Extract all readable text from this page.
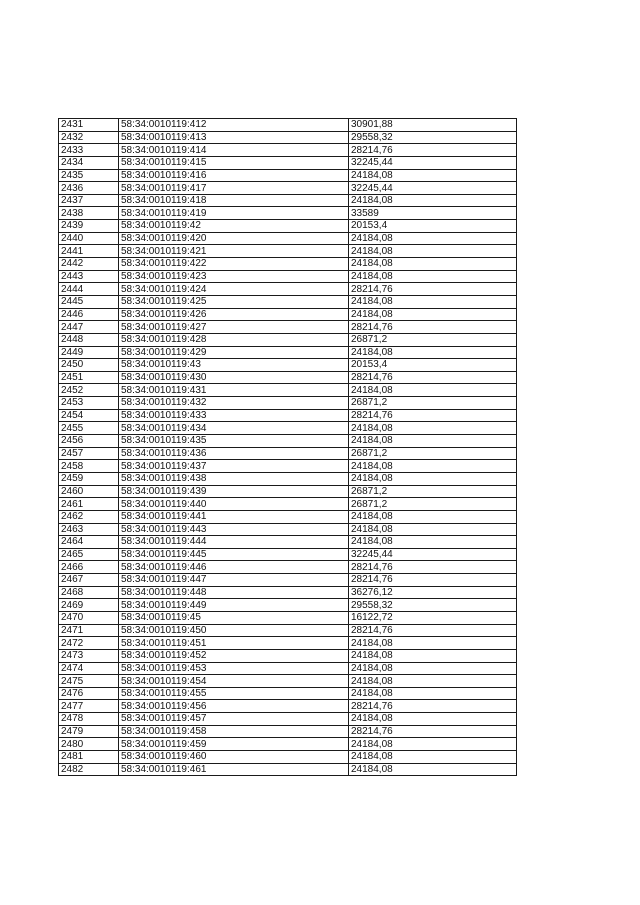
2431	58:34:0010119:412	30901,88
2432	58:34:0010119:413	29558,32
2433	58:34:0010119:414	28214,76
2434	58:34:0010119:415	32245,44
2435	58:34:0010119:416	24184,08
2436	58:34:0010119:417	32245,44
2437	58:34:0010119:418	24184,08
2438	58:34:0010119:419	33589
2439	58:34:0010119:42	20153,4
2440	58:34:0010119:420	24184,08
2441	58:34:0010119:421	24184,08
2442	58:34:0010119:422	24184,08
2443	58:34:0010119:423	24184,08
2444	58:34:0010119:424	28214,76
2445	58:34:0010119:425	24184,08
2446	58:34:0010119:426	24184,08
2447	58:34:0010119:427	28214,76
2448	58:34:0010119:428	26871,2
2449	58:34:0010119:429	24184,08
2450	58:34:0010119:43	20153,4
2451	58:34:0010119:430	28214,76
2452	58:34:0010119:431	24184,08
2453	58:34:0010119:432	26871,2
2454	58:34:0010119:433	28214,76
2455	58:34:0010119:434	24184,08
2456	58:34:0010119:435	24184,08
2457	58:34:0010119:436	26871,2
2458	58:34:0010119:437	24184,08
2459	58:34:0010119:438	24184,08
2460	58:34:0010119:439	26871,2
2461	58:34:0010119:440	26871,2
2462	58:34:0010119:441	24184,08
2463	58:34:0010119:443	24184,08
2464	58:34:0010119:444	24184,08
2465	58:34:0010119:445	32245,44
2466	58:34:0010119:446	28214,76
2467	58:34:0010119:447	28214,76
2468	58:34:0010119:448	36276,12
2469	58:34:0010119:449	29558,32
2470	58:34:0010119:45	16122,72
2471	58:34:0010119:450	28214,76
2472	58:34:0010119:451	24184,08
2473	58:34:0010119:452	24184,08
2474	58:34:0010119:453	24184,08
2475	58:34:0010119:454	24184,08
2476	58:34:0010119:455	24184,08
2477	58:34:0010119:456	28214,76
2478	58:34:0010119:457	24184,08
2479	58:34:0010119:458	28214,76
2480	58:34:0010119:459	24184,08
2481	58:34:0010119:460	24184,08
2482	58:34:0010119:461	24184,08
